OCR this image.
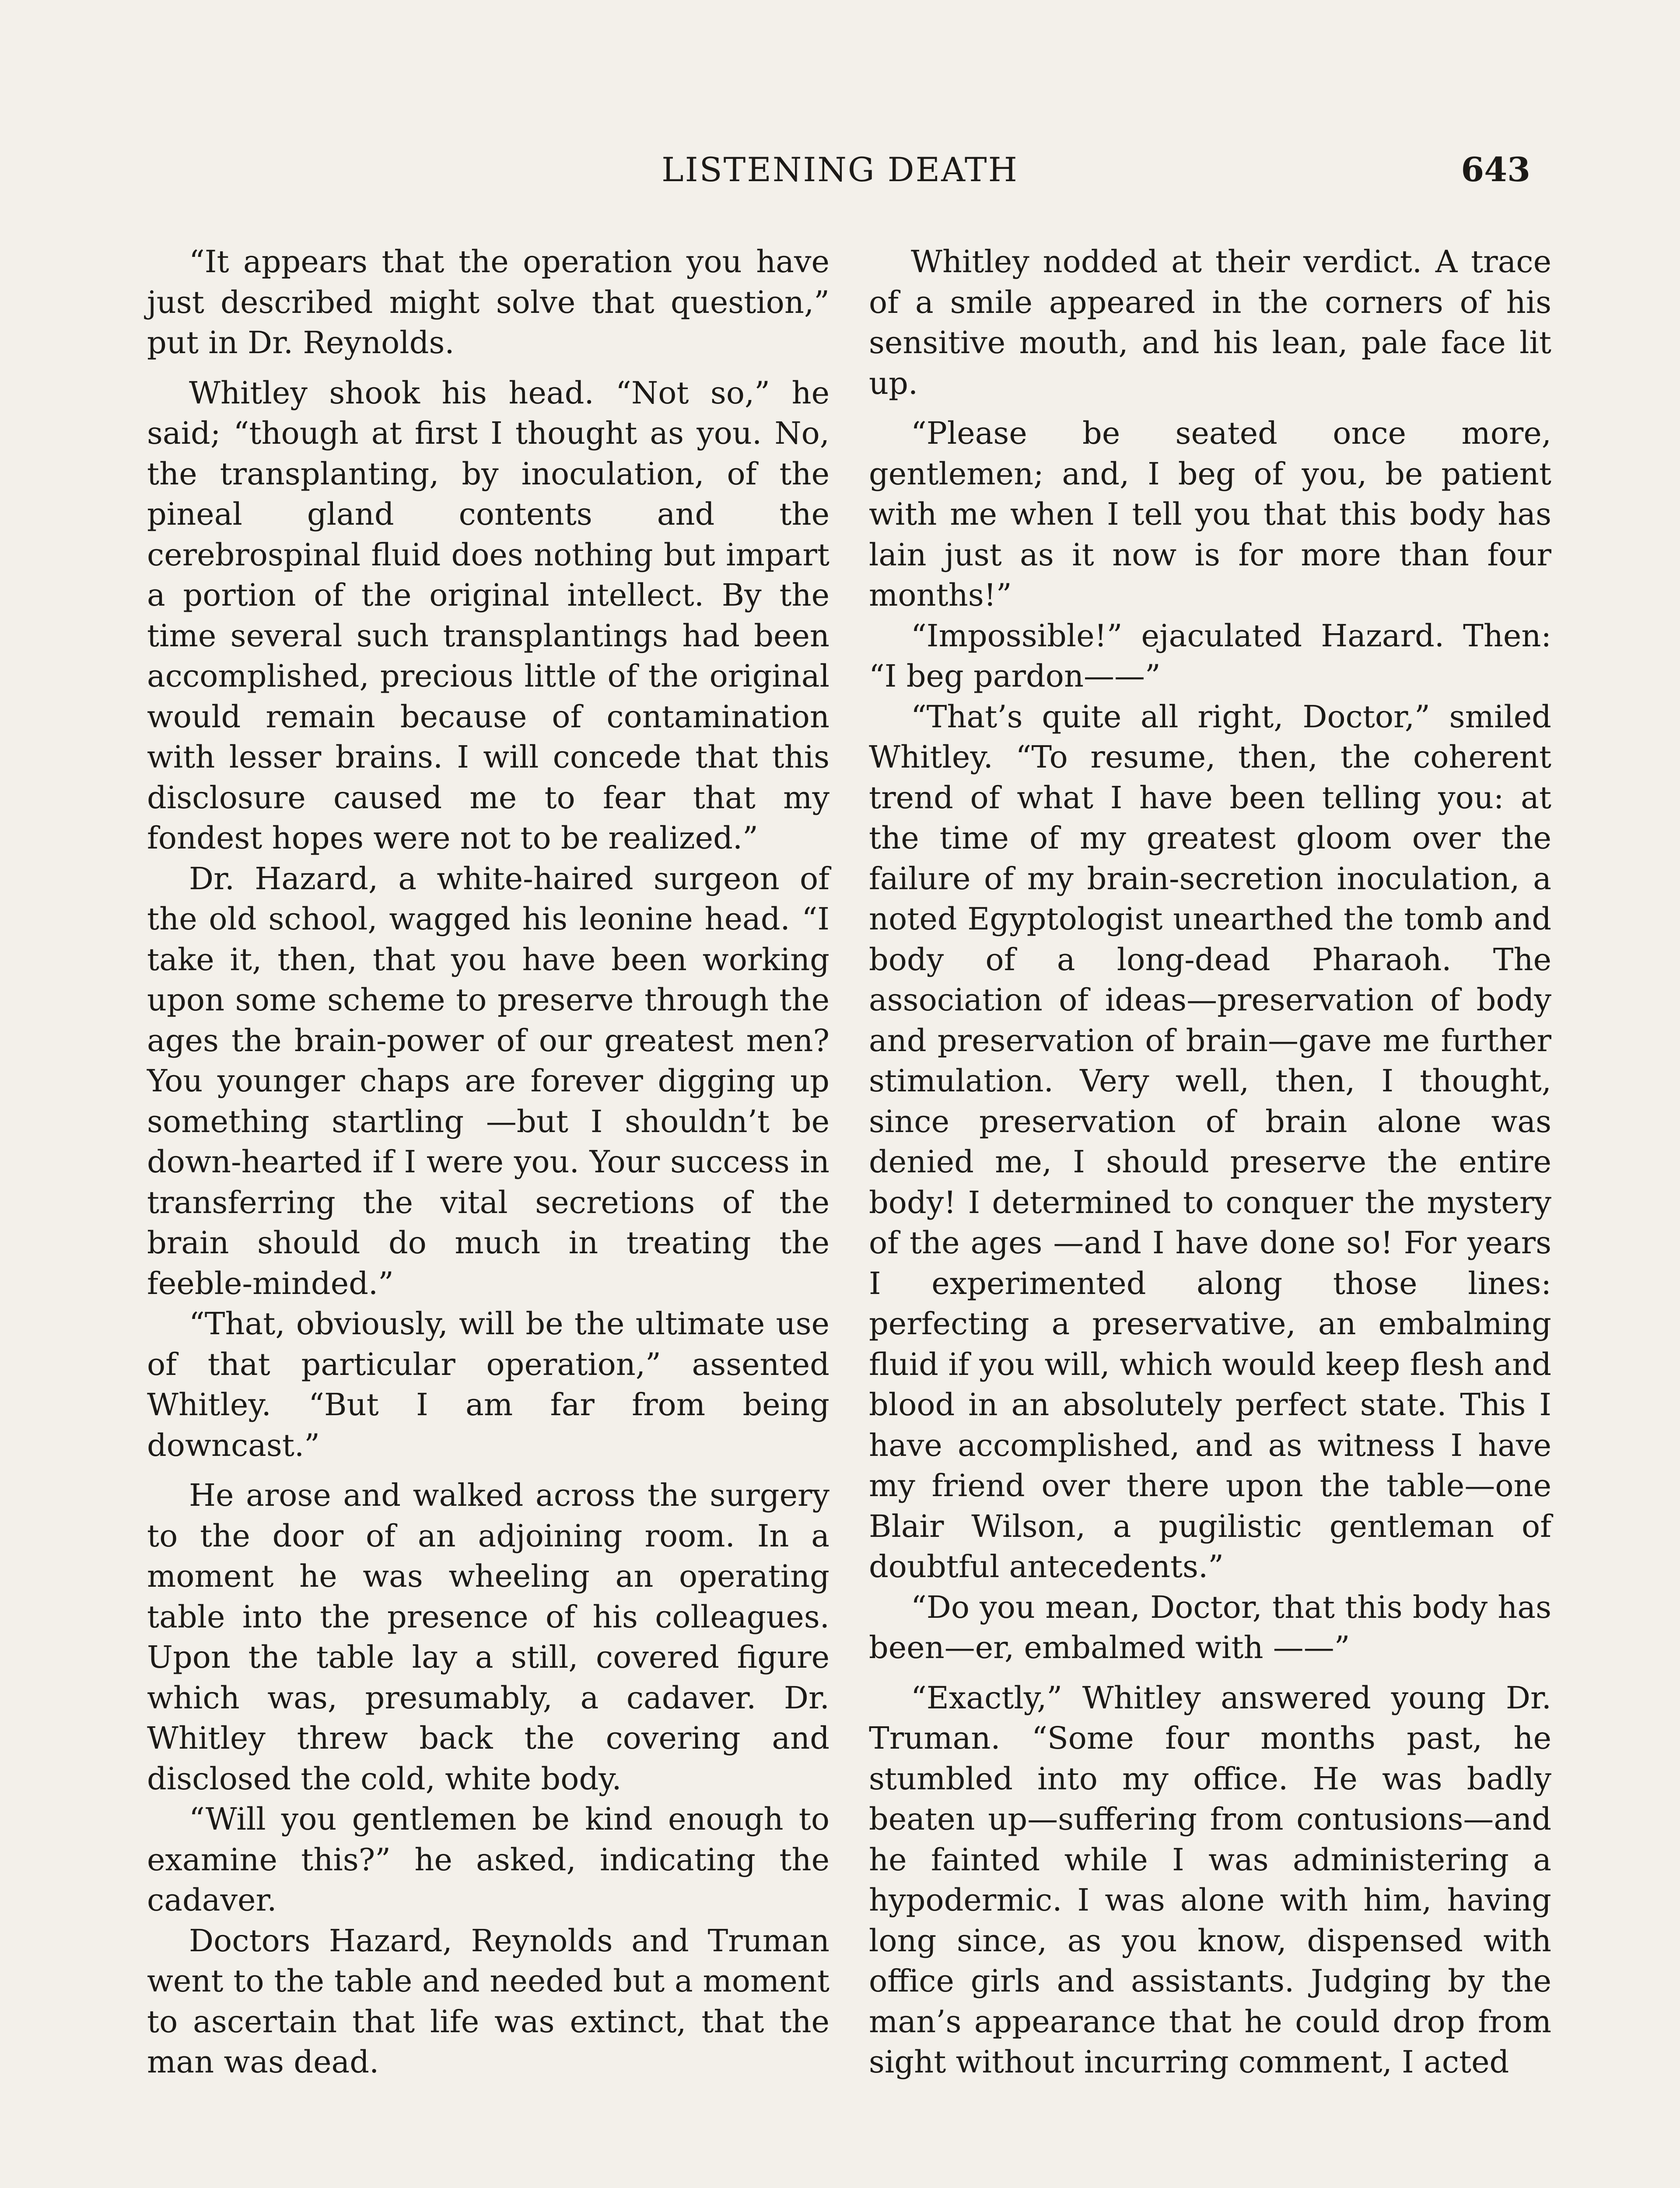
LISTENING DEATH	643

“It appears that the operation you have just described might solve that question,” put in Dr. Reynolds.

Whitley shook his head. “Not so,” he said; “though at first I thought as you. No, the transplanting, by inoculation, of the pineal gland contents and the cerebrospinal fluid does nothing but impart a portion of the original intellect. By the time several such transplantings had been accomplished, precious little of the original would remain because of contamination with lesser brains. I will concede that this disclosure caused me to fear that my fondest hopes were not to be realized.”

Dr. Hazard, a white-haired surgeon of the old school, wagged his leonine head. “I take it, then, that you have been working upon some scheme to preserve through the ages the brain-power of our greatest men? You younger chaps are forever digging up something startling —but I shouldn’t be down-hearted if I were you. Your success in transferring the vital secretions of the brain should do much in treating the feeble-minded.”

“That, obviously, will be the ultimate use of that particular operation,” assented Whitley. “But I am far from being downcast.”

He arose and walked across the surgery to the door of an adjoining room. In a moment he was wheeling an operating table into the presence of his colleagues. Upon the table lay a still, covered figure which was, presumably, a cadaver. Dr. Whitley threw back the covering and disclosed the cold, white body.

“Will you gentlemen be kind enough to examine this?” he asked, indicating the cadaver.

Doctors Hazard, Reynolds and Truman went to the table and needed but a moment to ascertain that life was extinct, that the man was dead.

Whitley nodded at their verdict. A trace of a smile appeared in the corners of his sensitive mouth, and his lean, pale face lit up.

“Please be seated once more, gentlemen; and, I beg of you, be patient with me when I tell you that this body has lain just as it now is for more than four months!”

“Impossible!” ejaculated Hazard. Then: “I beg pardon——”

“That’s quite all right, Doctor,” smiled Whitley. “To resume, then, the coherent trend of what I have been telling you: at the time of my greatest gloom over the failure of my brain-secretion inoculation, a noted Egyptologist unearthed the tomb and body of a long-dead Pharaoh. The association of ideas—preservation of body and preservation of brain—gave me further stimulation. Very well, then, I thought, since preservation of brain alone was denied me, I should preserve the entire body! I determined to conquer the mystery of the ages —and I have done so! For years I experimented along those lines: perfecting a preservative, an embalming fluid if you will, which would keep flesh and blood in an absolutely perfect state. This I have accomplished, and as witness I have my friend over there upon the table—one Blair Wilson, a pugilistic gentleman of doubtful antecedents.”

“Do you mean, Doctor, that this body has been—er, embalmed with ——”

“Exactly,” Whitley answered young Dr. Truman. “Some four months past, he stumbled into my office. He was badly beaten up—suffering from contusions—and he fainted while I was administering a hypodermic. I was alone with him, having long since, as you know, dispensed with office girls and assistants. Judging by the man’s appearance that he could drop from sight without incurring comment, I acted
